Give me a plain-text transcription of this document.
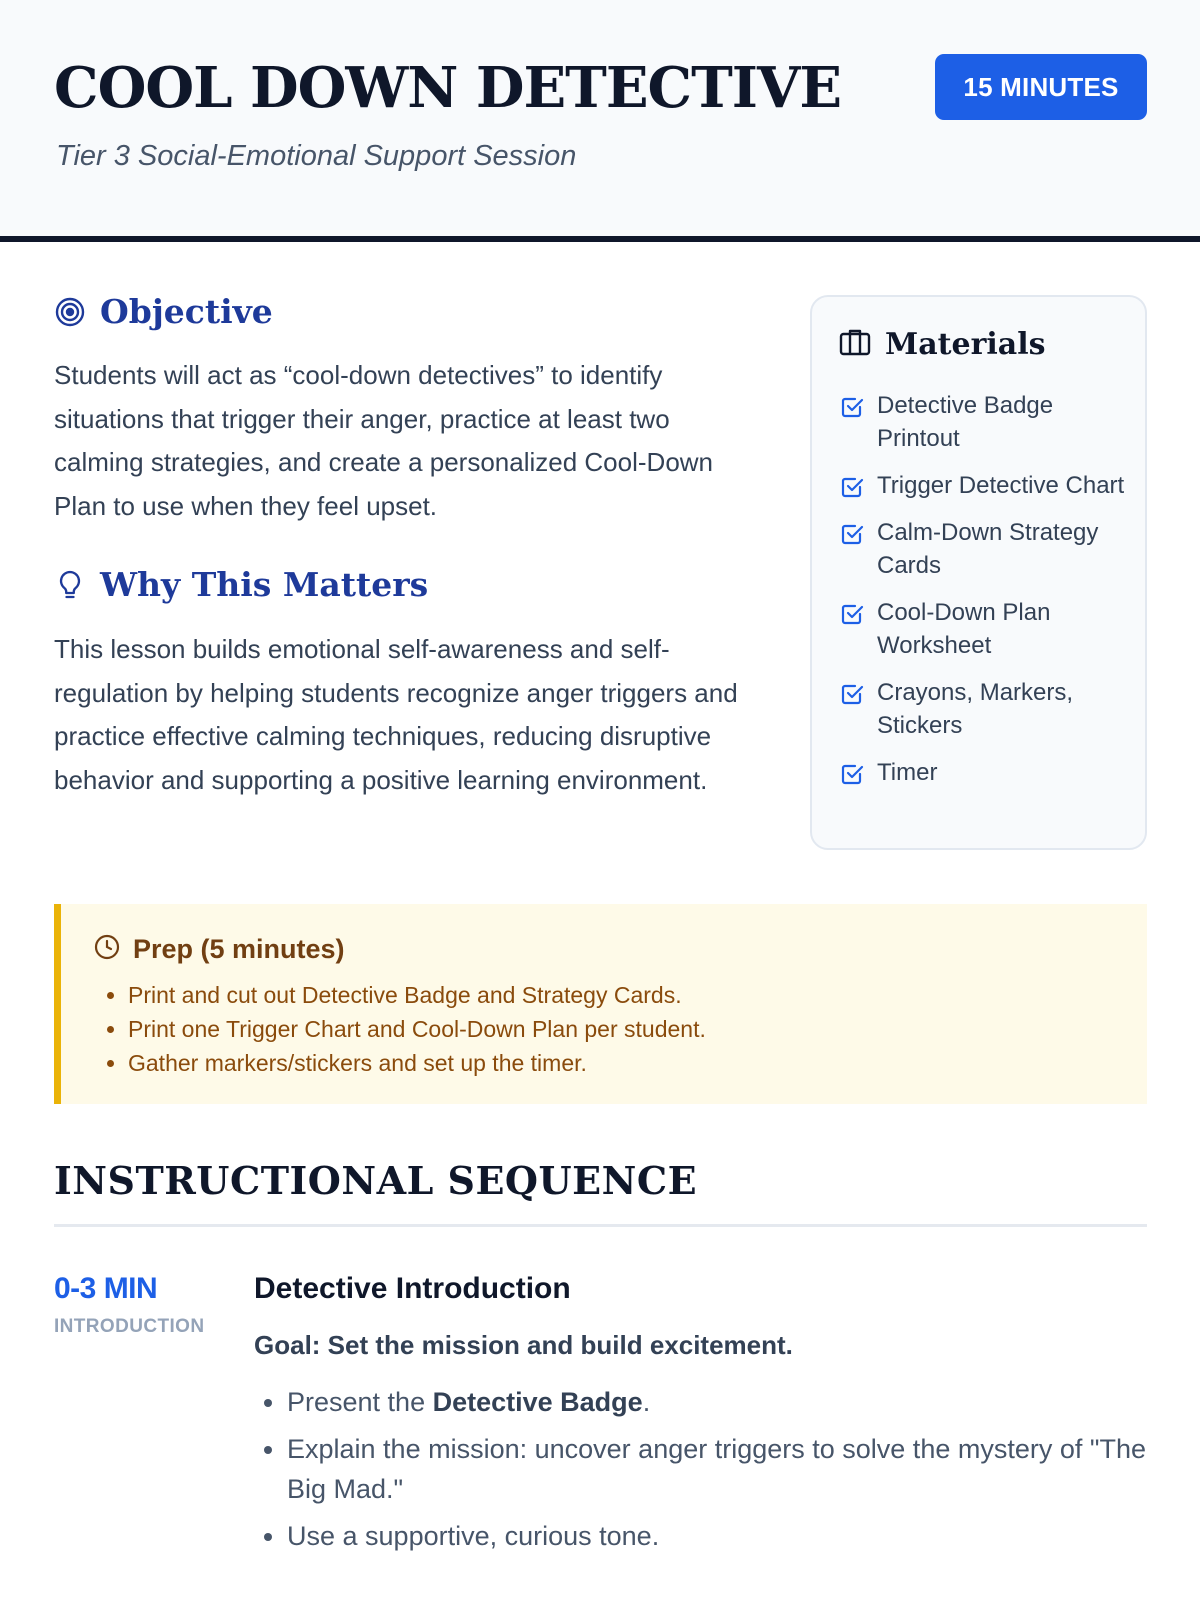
COOL DOWN DETECTIVE
Tier 3 Social-Emotional Support Session
15 MINUTES
Objective

Students will act as “cool-down detectives” to identify situations that trigger their anger, practice at least two calming strategies, and create a personalized Cool-Down Plan to use when they feel upset.

Why This Matters

This lesson builds emotional self-awareness and self-regulation by helping students recognize anger triggers and practice effective calming techniques, reducing disruptive behavior and supporting a positive learning environment.

Materials
Detective Badge Printout
Trigger Detective Chart
Calm-Down Strategy Cards
Cool-Down Plan Worksheet
Crayons, Markers, Stickers
Timer
Prep (5 minutes)
• Print and cut out Detective Badge and Strategy Cards.
• Print one Trigger Chart and Cool-Down Plan per student.
• Gather markers/stickers and set up the timer.
INSTRUCTIONAL SEQUENCE
0-3 MIN
INTRODUCTION
Detective Introduction

Goal: Set the mission and build excitement.

• Present the Detective Badge.
• Explain the mission: uncover anger triggers to solve the mystery of "The Big Mad."
• Use a supportive, curious tone.
